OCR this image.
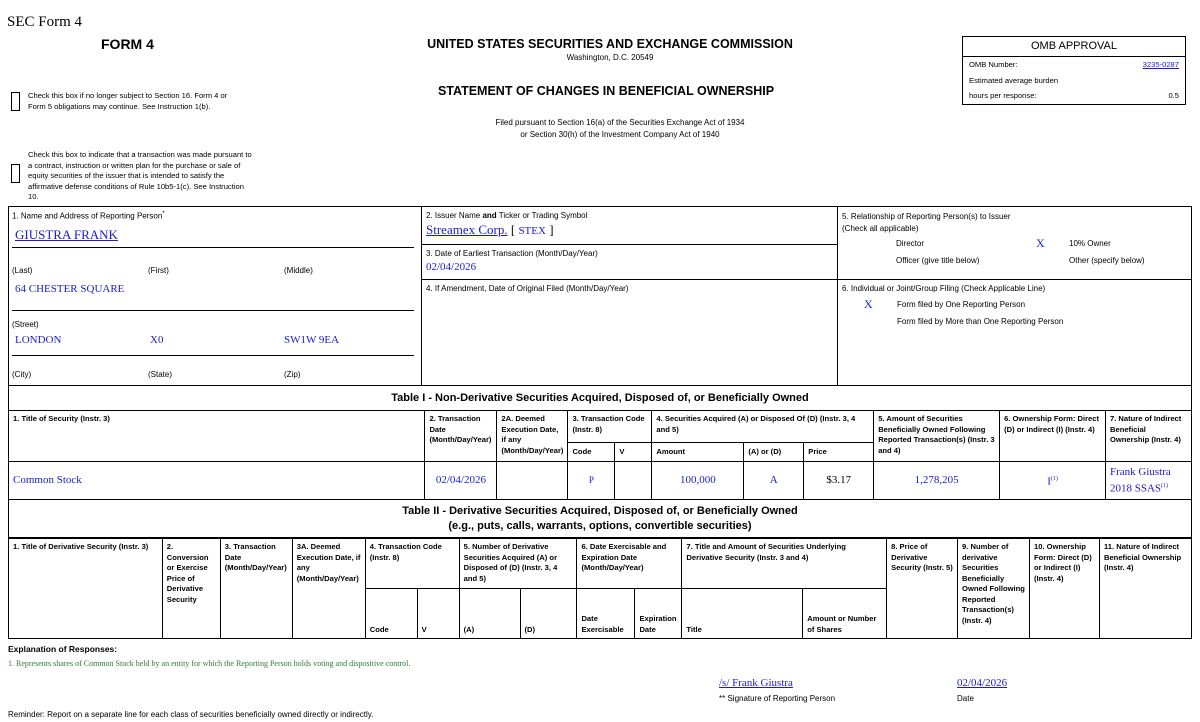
SEC Form 4
FORM 4
Check this box if no longer subject to Section 16. Form 4 or Form 5 obligations may continue. See Instruction 1(b).
Check this box to indicate that a transaction was made pursuant to a contract, instruction or written plan for the purchase or sale of equity securities of the issuer that is intended to satisfy the affirmative defense conditions of Rule 10b5-1(c). See Instruction 10.
UNITED STATES SECURITIES AND EXCHANGE COMMISSION
Washington, D.C. 20549
STATEMENT OF CHANGES IN BENEFICIAL OWNERSHIP
Filed pursuant to Section 16(a) of the Securities Exchange Act of 1934
or Section 30(h) of the Investment Company Act of 1940
OMB APPROVAL
OMB Number:	3235-0287
Estimated average burden
hours per response:	0.5
1. Name and Address of Reporting Person*
GIUSTRA FRANK
(Last)	(First)	(Middle)
64 CHESTER SQUARE
(Street)
LONDON	X0	SW1W 9EA
(City)	(State)	(Zip)
2. Issuer Name and Ticker or Trading Symbol
Streamex Corp. [ STEX ]
3. Date of Earliest Transaction (Month/Day/Year)
02/04/2026
4. If Amendment, Date of Original Filed (Month/Day/Year)
5. Relationship of Reporting Person(s) to Issuer
(Check all applicable)
Director	X	10% Owner
Officer (give title below)	Other (specify below)
6. Individual or Joint/Group Filing (Check Applicable Line)
X	Form filed by One Reporting Person
Form filed by More than One Reporting Person
Table I - Non-Derivative Securities Acquired, Disposed of, or Beneficially Owned
1. Title of Security (Instr. 3)	2. Transaction Date (Month/Day/Year)	2A. Deemed Execution Date, if any (Month/Day/Year)	3. Transaction Code (Instr. 8)		4. Securities Acquired (A) or Disposed Of (D) (Instr. 3, 4 and 5)			5. Amount of Securities Beneficially Owned Following Reported Transaction(s) (Instr. 3 and 4)	6. Ownership Form: Direct (D) or Indirect (I) (Instr. 4)	7. Nature of Indirect Beneficial Ownership (Instr. 4)
			Code	V	Amount	(A) or (D)	Price			
Common Stock	02/04/2026		P		100,000	A	$3.17	1,278,205	$I^{(1)}$	Frank Giustra 2018 SSAS$^{(1)}$
Table II - Derivative Securities Acquired, Disposed of, or Beneficially Owned
(e.g., puts, calls, warrants, options, convertible securities)
1. Title of Derivative Security (Instr. 3)	2. Conversion or Exercise Price of Derivative Security	3. Transaction Date (Month/Day/Year)	3A. Deemed Execution Date, if any (Month/Day/Year)	4. Transaction Code (Instr. 8)		5. Number of Derivative Securities Acquired (A) or Disposed of (D) (Instr. 3, 4 and 5)		6. Date Exercisable and Expiration Date (Month/Day/Year)		7. Title and Amount of Securities Underlying Derivative Security (Instr. 3 and 4)		8. Price of Derivative Security (Instr. 5)	9. Number of derivative Securities Beneficially Owned Following Reported Transaction(s) (Instr. 4)	10. Ownership Form: Direct (D) or Indirect (I) (Instr. 4)	11. Nature of Indirect Beneficial Ownership (Instr. 4)
				Code	V	(A)	(D)	Date Exercisable	Expiration Date	Title	Amount or Number of Shares				
Explanation of Responses:
1. Represents shares of Common Stock held by an entity for which the Reporting Person holds voting and dispositive control.
/s/ Frank Giustra
** Signature of Reporting Person
02/04/2026
Date
Reminder: Report on a separate line for each class of securities beneficially owned directly or indirectly.
